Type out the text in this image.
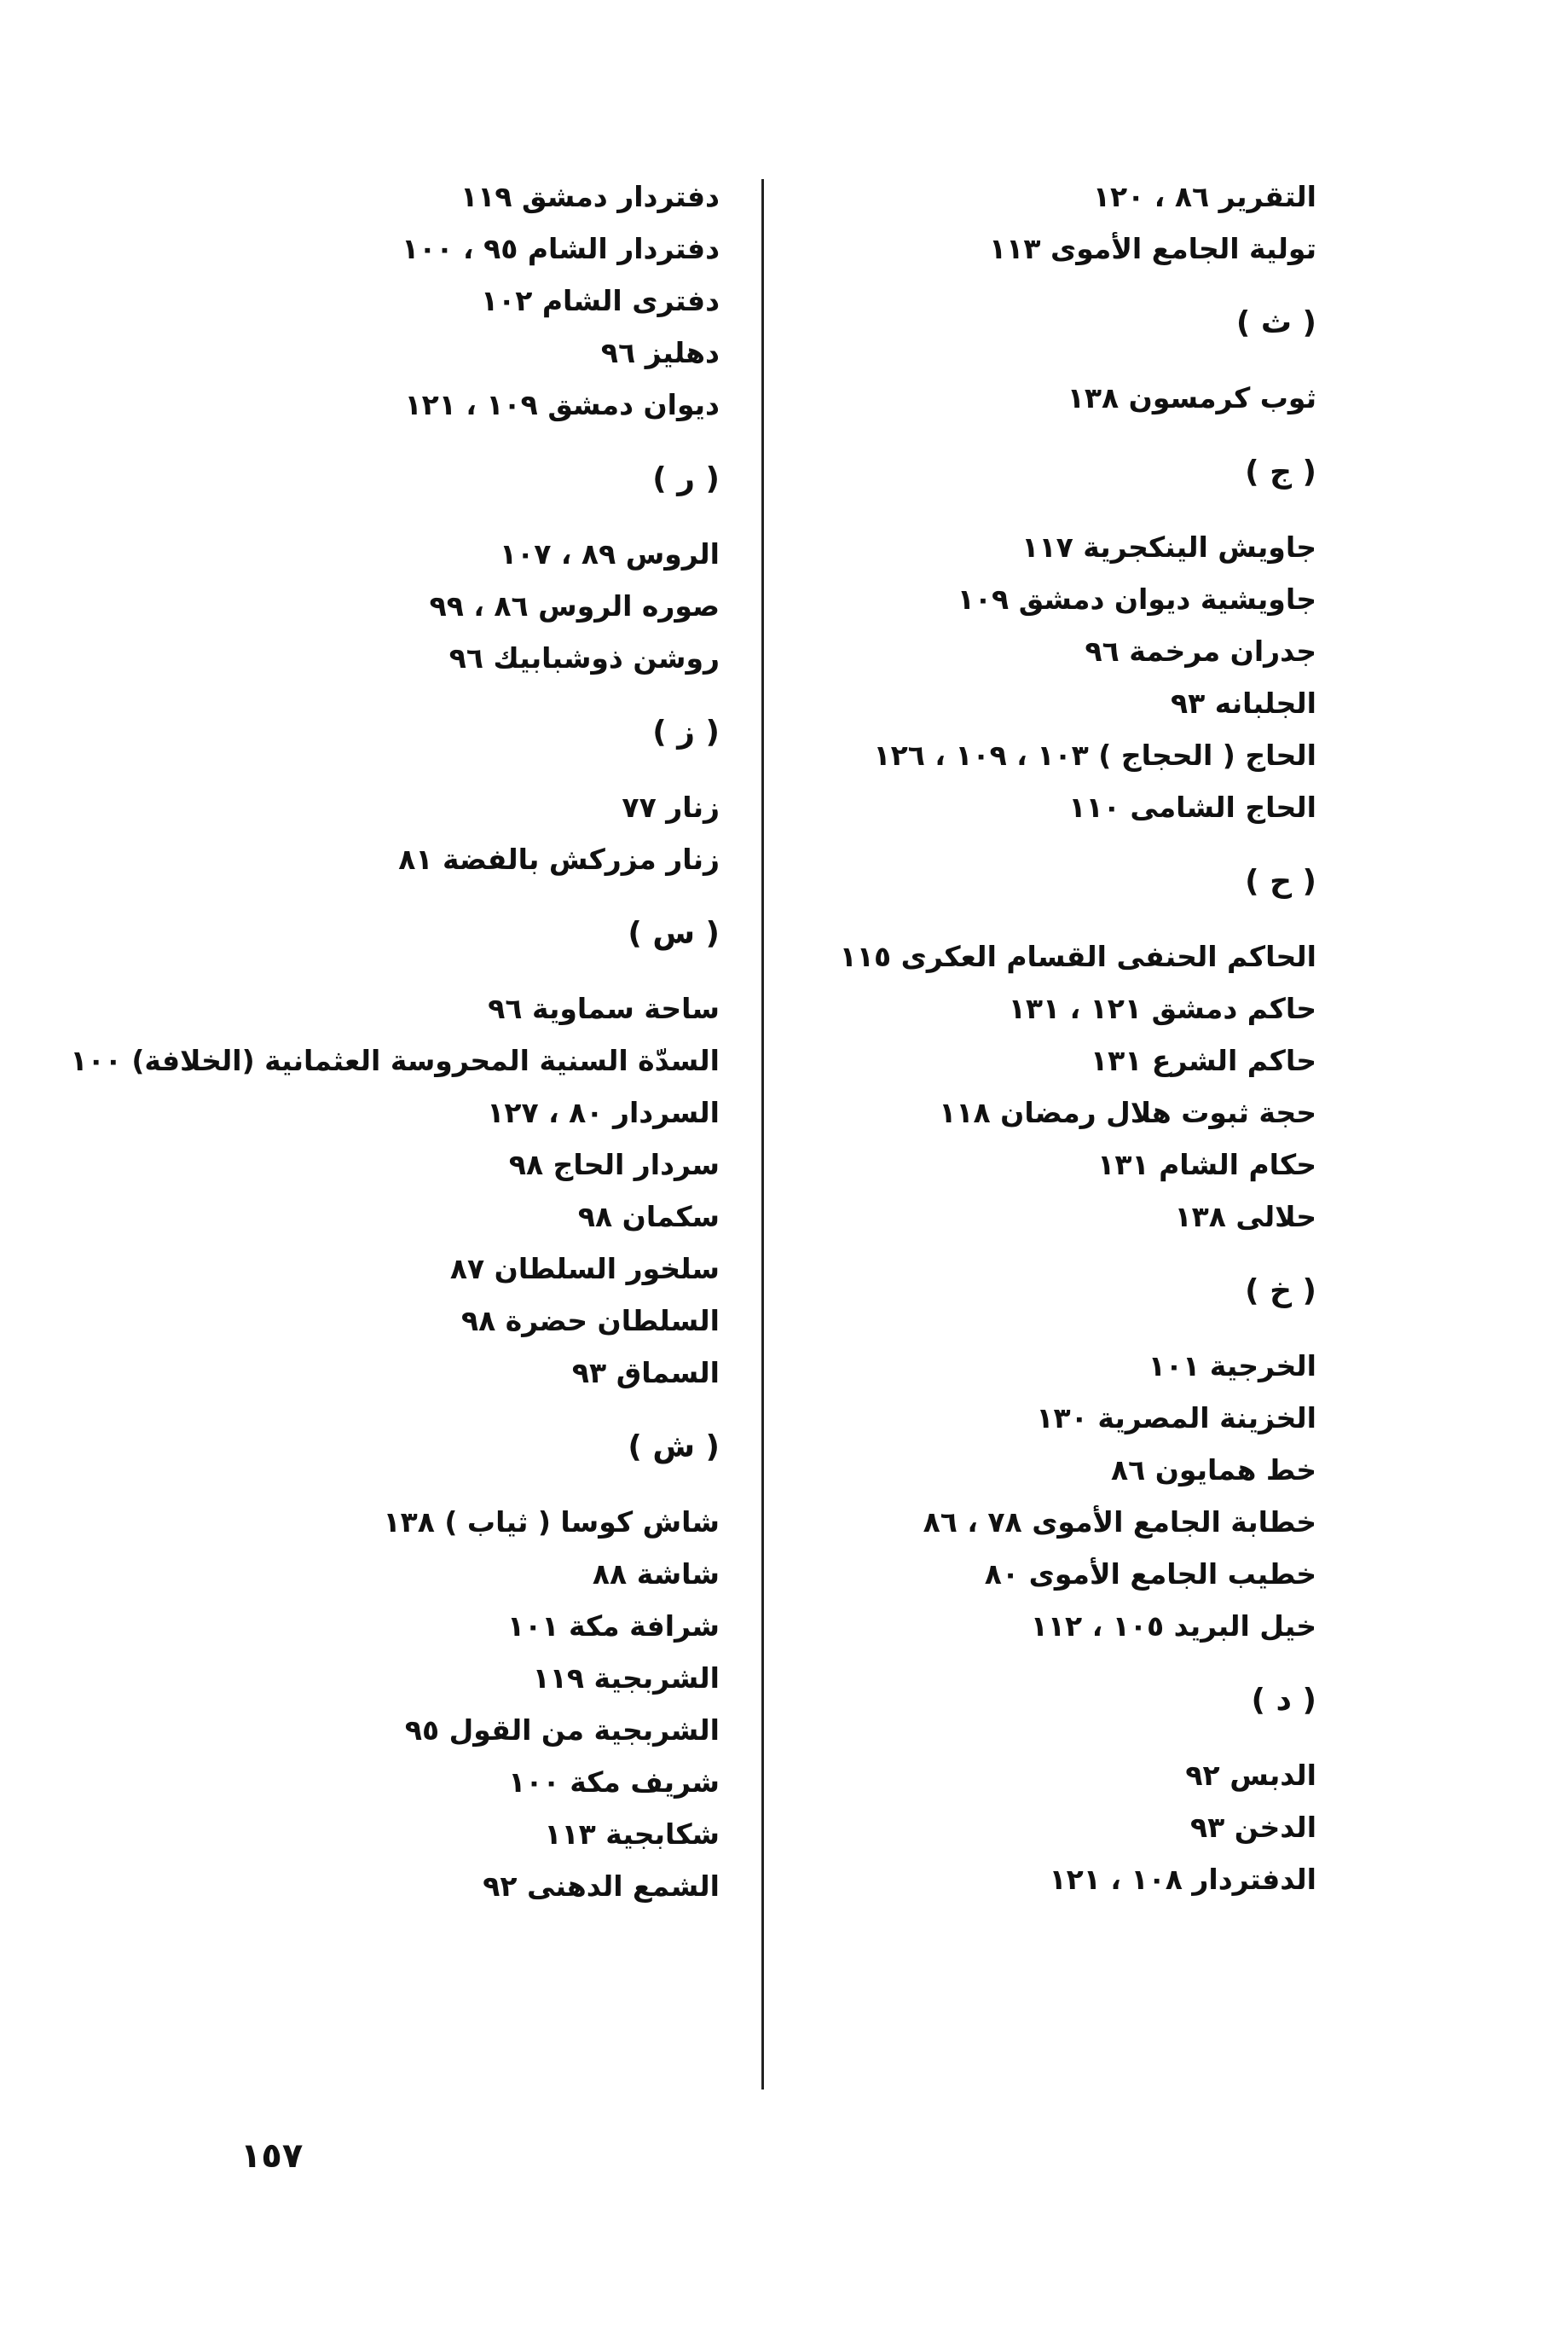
التقرير ٨٦ ، ١٢٠
تولية الجامع الأموى ١١٣
( ث )
ثوب كرمسون ١٣٨
( ج )
جاويش الينكجرية ١١٧
جاويشية ديوان دمشق ١٠٩
جدران مرخمة ٩٦
الجلبانه ٩٣
الحاج ( الحجاج ) ١٠٣ ، ١٠٩ ، ١٢٦
الحاج الشامى ١١٠
( ح )
الحاكم الحنفى القسام العكرى ١١٥
حاكم دمشق ١٢١ ، ١٣١
حاكم الشرع ١٣١
حجة ثبوت هلال رمضان ١١٨
حكام الشام ١٣١
حلالى ١٣٨
( خ )
الخرجية ١٠١
الخزينة المصرية ١٣٠
خط همايون ٨٦
خطابة الجامع الأموى ٧٨ ، ٨٦
خطيب الجامع الأموى ٨٠
خيل البريد ١٠٥ ، ١١٢
( د )
الدبس ٩٢
الدخن ٩٣
الدفتردار ١٠٨ ، ١٢١
دفتردار دمشق ١١٩
دفتردار الشام ٩٥ ، ١٠٠
دفترى الشام ١٠٢
دهليز ٩٦
ديوان دمشق ١٠٩ ، ١٢١
( ر )
الروس ٨٩ ، ١٠٧
صوره الروس ٨٦ ، ٩٩
روشن ذوشبابيك ٩٦
( ز )
زنار ٧٧
زنار مزركش بالفضة ٨١
( س )
ساحة سماوية ٩٦
السدّة السنية المحروسة العثمانية (الخلافة) ١٠٠
السردار ٨٠ ، ١٢٧
سردار الحاج ٩٨
سكمان ٩٨
سلخور السلطان ٨٧
السلطان حضرة ٩٨
السماق ٩٣
( ش )
شاش كوسا ( ثياب ) ١٣٨
شاشة ٨٨
شرافة مكة ١٠١
الشربجية ١١٩
الشربجية من القول ٩٥
شريف مكة ١٠٠
شكابجية ١١٣
الشمع الدهنى ٩٢
١٥٧
